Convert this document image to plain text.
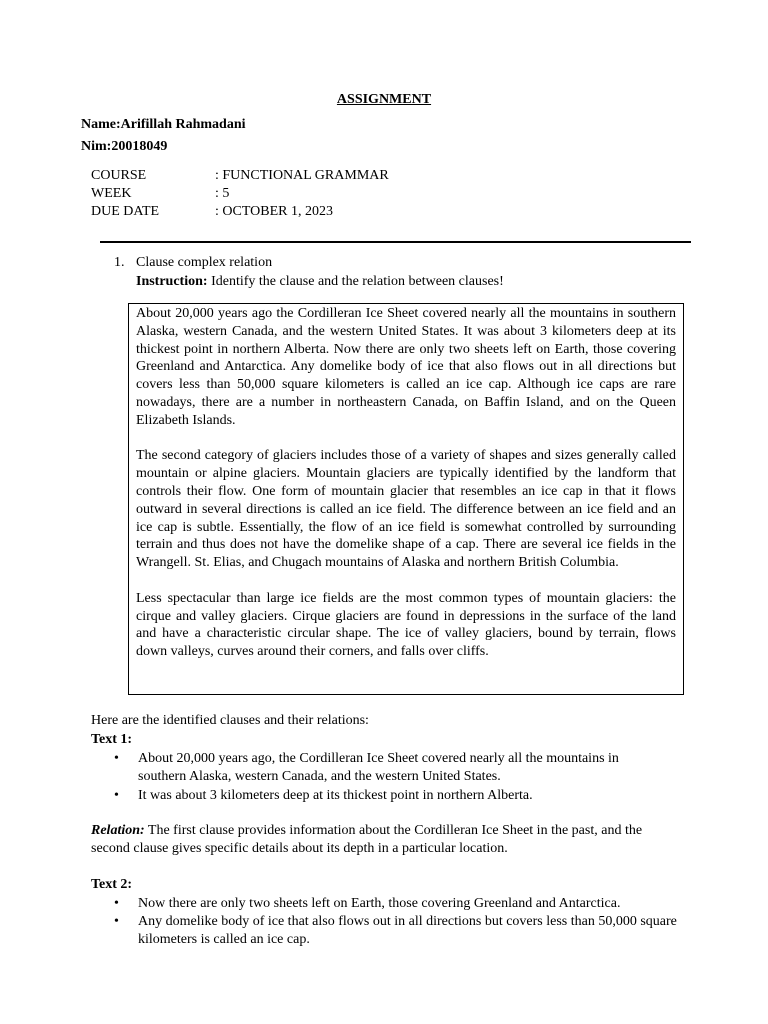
ASSIGNMENT
Name:Arifillah Rahmadani
Nim:20018049
COURSE	: FUNCTIONAL GRAMMAR
WEEK	: 5
DUE DATE	: OCTOBER 1, 2023
1. Clause complex relation
Instruction: Identify the clause and the relation between clauses!

About 20,000 years ago the Cordilleran Ice Sheet covered nearly all the mountains in southern Alaska, western Canada, and the western United States. It was about 3 kilometers deep at its thickest point in northern Alberta. Now there are only two sheets left on Earth, those covering Greenland and Antarctica. Any domelike body of ice that also flows out in all directions but covers less than 50,000 square kilometers is called an ice cap. Although ice caps are rare nowadays, there are a number in northeastern Canada, on Baffin Island, and on the Queen Elizabeth Islands.

The second category of glaciers includes those of a variety of shapes and sizes generally called mountain or alpine glaciers. Mountain glaciers are typically identified by the landform that controls their flow. One form of mountain glacier that resembles an ice cap in that it flows outward in several directions is called an ice field. The difference between an ice field and an ice cap is subtle. Essentially, the flow of an ice field is somewhat controlled by surrounding terrain and thus does not have the domelike shape of a cap. There are several ice fields in the Wrangell. St. Elias, and Chugach mountains of Alaska and northern British Columbia.

Less spectacular than large ice fields are the most common types of mountain glaciers: the cirque and valley glaciers. Cirque glaciers are found in depressions in the surface of the land and have a characteristic circular shape. The ice of valley glaciers, bound by terrain, flows down valleys, curves around their corners, and falls over cliffs.

Here are the identified clauses and their relations:
Text 1:
• About 20,000 years ago, the Cordilleran Ice Sheet covered nearly all the mountains in southern Alaska, western Canada, and the western United States.
• It was about 3 kilometers deep at its thickest point in northern Alberta.
Relation: The first clause provides information about the Cordilleran Ice Sheet in the past, and the second clause gives specific details about its depth in a particular location.
Text 2:
• Now there are only two sheets left on Earth, those covering Greenland and Antarctica.
• Any domelike body of ice that also flows out in all directions but covers less than 50,000 square kilometers is called an ice cap.
